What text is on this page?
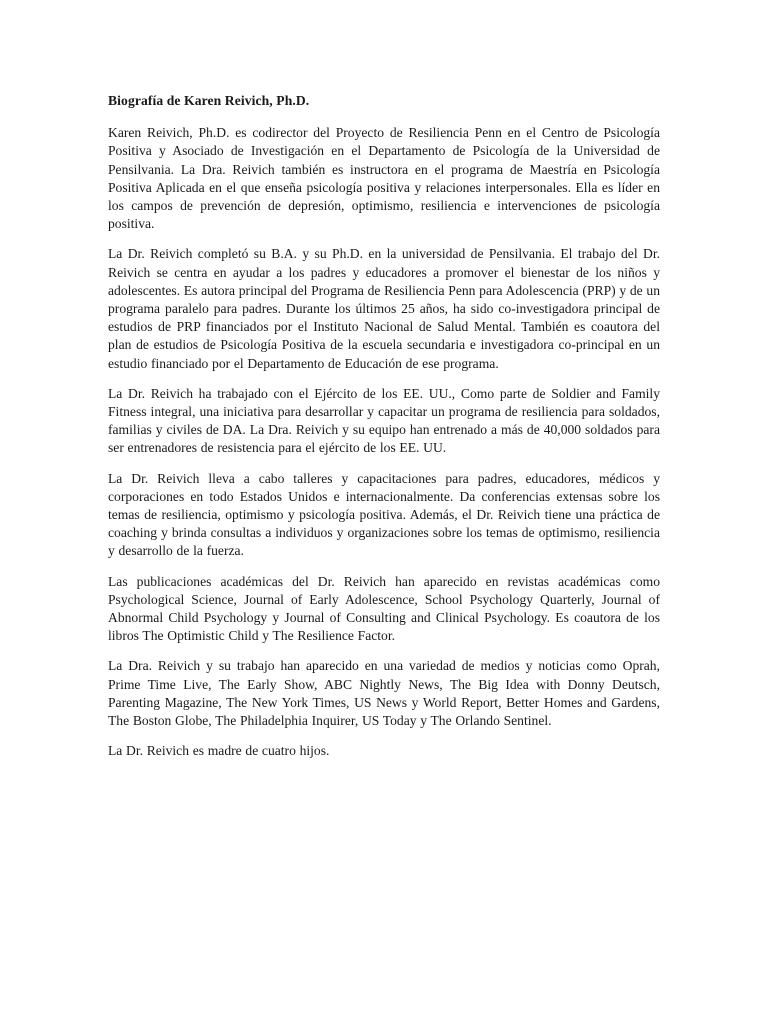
Biografía de Karen Reivich, Ph.D.

Karen Reivich, Ph.D. es codirector del Proyecto de Resiliencia Penn en el Centro de Psicología Positiva y Asociado de Investigación en el Departamento de Psicología de la Universidad de Pensilvania. La Dra. Reivich también es instructora en el programa de Maestría en Psicología Positiva Aplicada en el que enseña psicología positiva y relaciones interpersonales. Ella es líder en los campos de prevención de depresión, optimismo, resiliencia e intervenciones de psicología positiva.

La Dr. Reivich completó su B.A. y su Ph.D. en la universidad de Pensilvania. El trabajo del Dr. Reivich se centra en ayudar a los padres y educadores a promover el bienestar de los niños y adolescentes. Es autora principal del Programa de Resiliencia Penn para Adolescencia (PRP) y de un programa paralelo para padres. Durante los últimos 25 años, ha sido co-investigadora principal de estudios de PRP financiados por el Instituto Nacional de Salud Mental. También es coautora del plan de estudios de Psicología Positiva de la escuela secundaria e investigadora co-principal en un estudio financiado por el Departamento de Educación de ese programa.

La Dr. Reivich ha trabajado con el Ejército de los EE. UU., Como parte de Soldier and Family Fitness integral, una iniciativa para desarrollar y capacitar un programa de resiliencia para soldados, familias y civiles de DA. La Dra. Reivich y su equipo han entrenado a más de 40,000 soldados para ser entrenadores de resistencia para el ejército de los EE. UU.

La Dr. Reivich lleva a cabo talleres y capacitaciones para padres, educadores, médicos y corporaciones en todo Estados Unidos e internacionalmente. Da conferencias extensas sobre los temas de resiliencia, optimismo y psicología positiva. Además, el Dr. Reivich tiene una práctica de coaching y brinda consultas a individuos y organizaciones sobre los temas de optimismo, resiliencia y desarrollo de la fuerza.

Las publicaciones académicas del Dr. Reivich han aparecido en revistas académicas como Psychological Science, Journal of Early Adolescence, School Psychology Quarterly, Journal of Abnormal Child Psychology y Journal of Consulting and Clinical Psychology. Es coautora de los libros The Optimistic Child y The Resilience Factor.

La Dra. Reivich y su trabajo han aparecido en una variedad de medios y noticias como Oprah, Prime Time Live, The Early Show, ABC Nightly News, The Big Idea with Donny Deutsch, Parenting Magazine, The New York Times, US News y World Report, Better Homes and Gardens, The Boston Globe, The Philadelphia Inquirer, US Today y The Orlando Sentinel.

La Dr. Reivich es madre de cuatro hijos.
